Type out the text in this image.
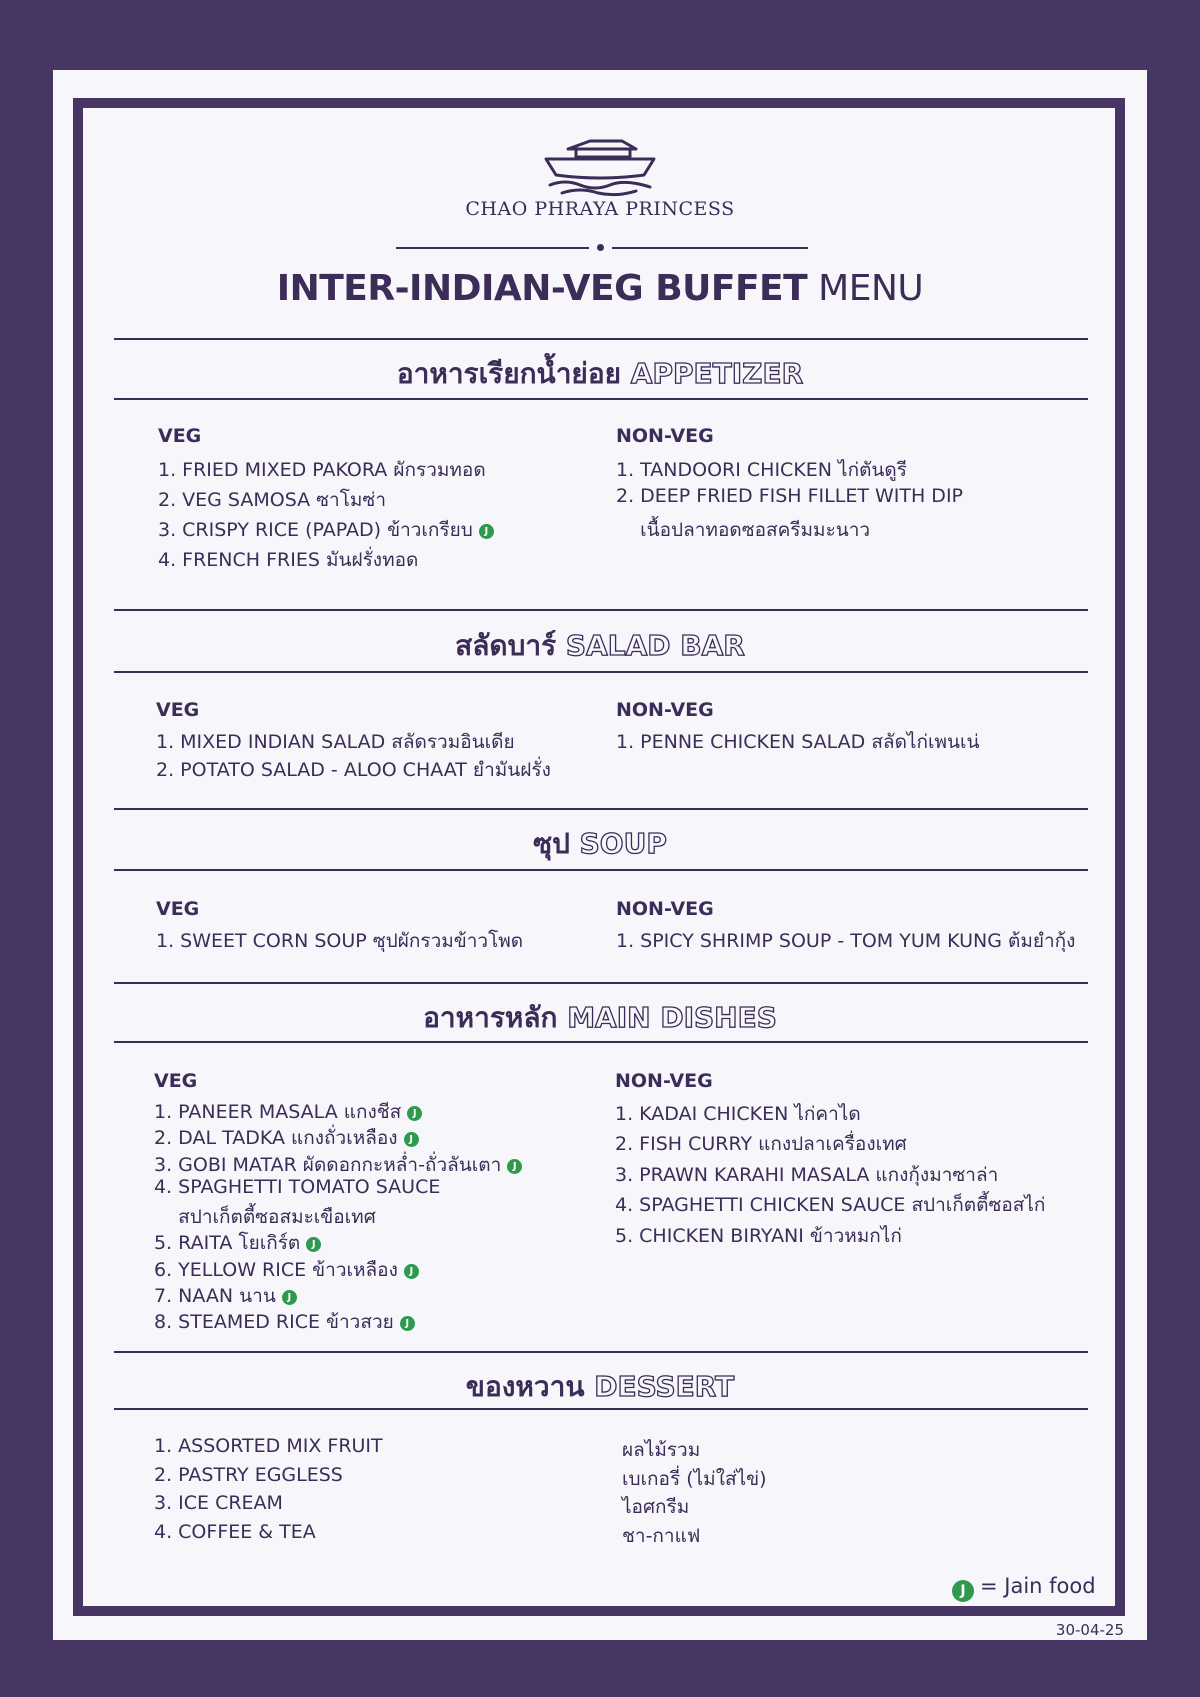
CHAO PHRAYA PRINCESS
INTER-INDIAN-VEG BUFFET MENU
อาหารเรียกน้ำย่อย APPETIZER
VEG
1. FRIED MIXED PAKORA ผักรวมทอด
2. VEG SAMOSA ซาโมซ่า
3. CRISPY RICE (PAPAD) ข้าวเกรียบ J
4. FRENCH FRIES มันฝรั่งทอด
NON-VEG
1. TANDOORI CHICKEN ไก่ตันดูรี
2. DEEP FRIED FISH FILLET WITH DIP
เนื้อปลาทอดซอสครีมมะนาว
สลัดบาร์ SALAD BAR
VEG
1. MIXED INDIAN SALAD สลัดรวมอินเดีย
2. POTATO SALAD - ALOO CHAAT ยำมันฝรั่ง
NON-VEG
1. PENNE CHICKEN SALAD สลัดไก่เพนเน่
ซุป SOUP
VEG
1. SWEET CORN SOUP ซุปผักรวมข้าวโพด
NON-VEG
1. SPICY SHRIMP SOUP - TOM YUM KUNG ต้มยำกุ้ง
อาหารหลัก MAIN DISHES
VEG
1. PANEER MASALA แกงชีส J
2. DAL TADKA แกงถั่วเหลือง J
3. GOBI MATAR ผัดดอกกะหล่ำ-ถั่วลันเตา J
4. SPAGHETTI TOMATO SAUCE
สปาเก็ตตี้ซอสมะเขือเทศ
5. RAITA โยเกิร์ต J
6. YELLOW RICE ข้าวเหลือง J
7. NAAN นาน J
8. STEAMED RICE ข้าวสวย J
NON-VEG
1. KADAI CHICKEN ไก่คาได
2. FISH CURRY แกงปลาเครื่องเทศ
3. PRAWN KARAHI MASALA แกงกุ้งมาซาล่า
4. SPAGHETTI CHICKEN SAUCE สปาเก็ตตี้ซอสไก่
5. CHICKEN BIRYANI ข้าวหมกไก่
ของหวาน DESSERT
1. ASSORTED MIX FRUIT
2. PASTRY EGGLESS
3. ICE CREAM
4. COFFEE & TEA
ผลไม้รวม
เบเกอรี่ (ไม่ใส่ไข่)
ไอศกรีม
ชา-กาแฟ
J = Jain food
30-04-25
